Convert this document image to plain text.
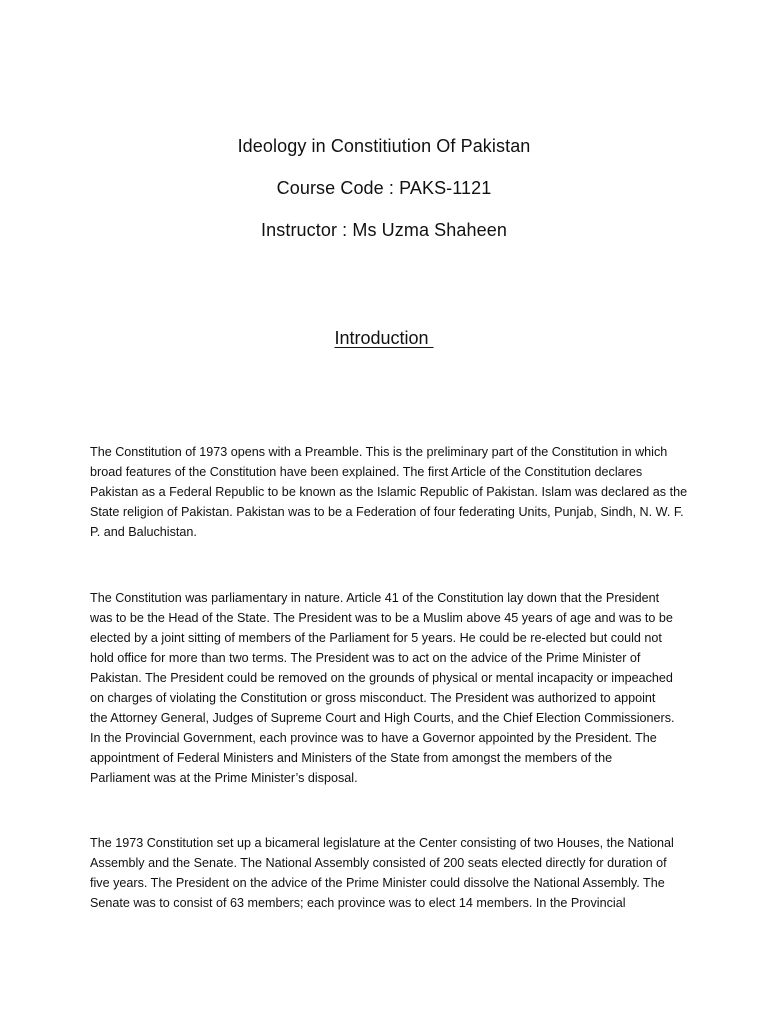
Ideology in Constitiution Of Pakistan
Course Code : PAKS-1121
Instructor : Ms Uzma Shaheen
Introduction

The Constitution of 1973 opens with a Preamble. This is the preliminary part of the Constitution in which
broad features of the Constitution have been explained. The first Article of the Constitution declares
Pakistan as a Federal Republic to be known as the Islamic Republic of Pakistan. Islam was declared as the
State religion of Pakistan. Pakistan was to be a Federation of four federating Units, Punjab, Sindh, N. W. F.
P. and Baluchistan.

The Constitution was parliamentary in nature. Article 41 of the Constitution lay down that the President
was to be the Head of the State. The President was to be a Muslim above 45 years of age and was to be
elected by a joint sitting of members of the Parliament for 5 years. He could be re-elected but could not
hold office for more than two terms. The President was to act on the advice of the Prime Minister of
Pakistan. The President could be removed on the grounds of physical or mental incapacity or impeached
on charges of violating the Constitution or gross misconduct. The President was authorized to appoint
the Attorney General, Judges of Supreme Court and High Courts, and the Chief Election Commissioners.
In the Provincial Government, each province was to have a Governor appointed by the President. The
appointment of Federal Ministers and Ministers of the State from amongst the members of the
Parliament was at the Prime Minister’s disposal.

The 1973 Constitution set up a bicameral legislature at the Center consisting of two Houses, the National
Assembly and the Senate. The National Assembly consisted of 200 seats elected directly for duration of
five years. The President on the advice of the Prime Minister could dissolve the National Assembly. The
Senate was to consist of 63 members; each province was to elect 14 members. In the Provincial
